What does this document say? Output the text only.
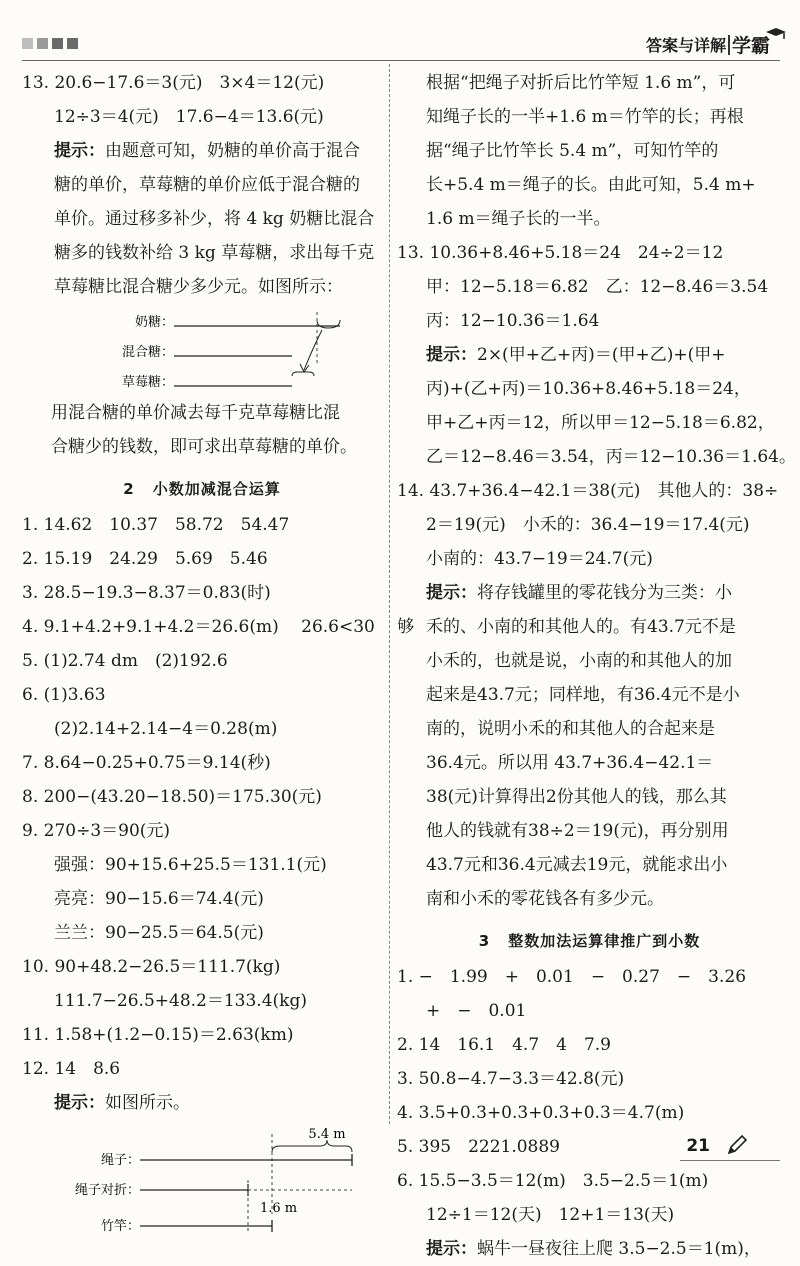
答案与详解 学霸
13. 20.6−17.6＝3(元)　3×4＝12(元)
12÷3＝4(元)　17.6−4＝13.6(元)
提示：由题意可知，奶糖的单价高于混合
糖的单价，草莓糖的单价应低于混合糖的
单价。通过移多补少，将 4 kg 奶糖比混合
糖多的钱数补给 3 kg 草莓糖，求出每千克
草莓糖比混合糖少多少元。如图所示：
奶糖：
混合糖：
草莓糖：
用混合糖的单价减去每千克草莓糖比混
合糖少的钱数，即可求出草莓糖的单价。
2 小数加减混合运算
1. 14.62　10.37　58.72　54.47
2. 15.19　24.29　5.69　5.46
3. 28.5−19.3−8.37＝0.83(时)
4. 9.1+4.2+9.1+4.2＝26.6(m)　 26.6<30　 够
5. (1)2.74 dm　(2)192.6
6. (1)3.63
(2)2.14+2.14−4＝0.28(m)
7. 8.64−0.25+0.75＝9.14(秒)
8. 200−(43.20−18.50)＝175.30(元)
9. 270÷3＝90(元)
强强：90+15.6+25.5＝131.1(元)
亮亮：90−15.6＝74.4(元)
兰兰：90−25.5＝64.5(元)
10. 90+48.2−26.5＝111.7(kg)
111.7−26.5+48.2＝133.4(kg)
11. 1.58+(1.2−0.15)＝2.63(km)
12. 14　8.6
提示：如图所示。
5.4 m
绳子：
绳子对折：
1.6 m
竹竿：
根据“把绳子对折后比竹竿短 1.6 m”，可
知绳子长的一半+1.6 m＝竹竿的长；再根
据“绳子比竹竿长 5.4 m”，可知竹竿的
长+5.4 m＝绳子的长。由此可知，5.4 m+
1.6 m＝绳子长的一半。
13. 10.36+8.46+5.18＝24　24÷2＝12
甲：12−5.18＝6.82　乙：12−8.46＝3.54
丙：12−10.36＝1.64
提示：2×(甲+乙+丙)＝(甲+乙)+(甲+
丙)+(乙+丙)＝10.36+8.46+5.18＝24，
甲+乙+丙＝12，所以甲＝12−5.18＝6.82，
乙＝12−8.46＝3.54，丙＝12−10.36＝1.64。
14. 43.7+36.4−42.1＝38(元)　其他人的：38÷
2＝19(元)　小禾的：36.4−19＝17.4(元)
小南的：43.7−19＝24.7(元)
提示：将存钱罐里的零花钱分为三类：小
禾的、小南的和其他人的。有43.7元不是
小禾的，也就是说，小南的和其他人的加
起来是43.7元；同样地，有36.4元不是小
南的，说明小禾的和其他人的合起来是
36.4元。所以用 43.7+36.4−42.1＝
38(元)计算得出2份其他人的钱，那么其
他人的钱就有38÷2＝19(元)，再分别用
43.7元和36.4元减去19元，就能求出小
南和小禾的零花钱各有多少元。
3 整数加法运算律推广到小数
1. −　1.99　+　0.01　−　0.27　−　3.26
+　−　0.01
2. 14　16.1　4.7　4　7.9
3. 50.8−4.7−3.3＝42.8(元)
4. 3.5+0.3+0.3+0.3+0.3＝4.7(m)
5. 395　2221.0889
6. 15.5−3.5＝12(m)　3.5−2.5＝1(m)
12÷1＝12(天)　12+1＝13(天)
提示：蜗牛一昼夜往上爬 3.5−2.5＝1(m)，
21
